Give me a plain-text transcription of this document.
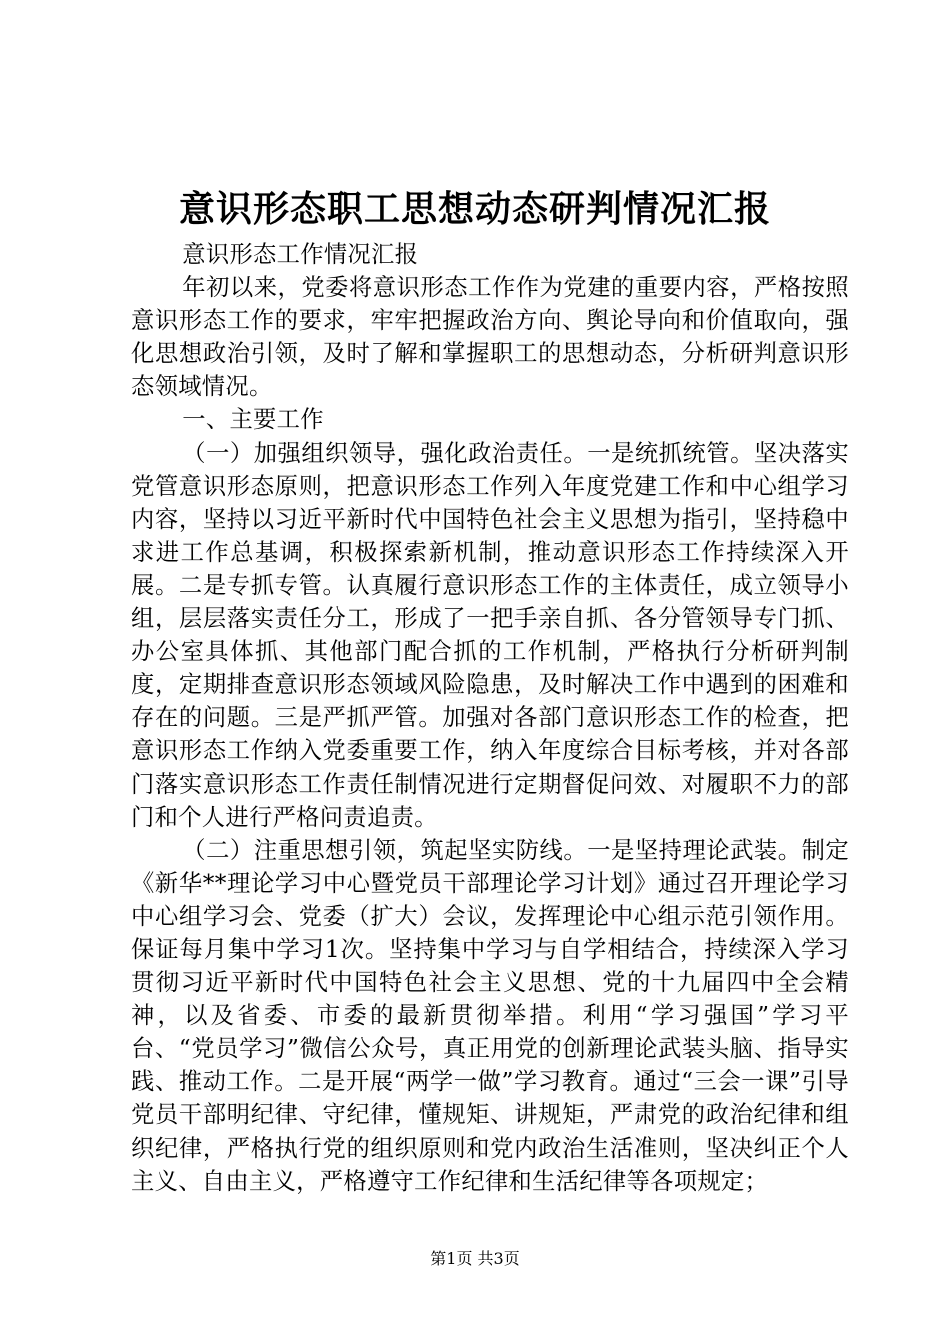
意识形态职工思想动态研判情况汇报

意识形态工作情况汇报

年初以来，党委将意识形态工作作为党建的重要内容，严格按照意识形态工作的要求，牢牢把握政治方向、舆论导向和价值取向，强化思想政治引领，及时了解和掌握职工的思想动态，分析研判意识形态领域情况。

一、主要工作

（一）加强组织领导，强化政治责任。一是统抓统管。坚决落实党管意识形态原则，把意识形态工作列入年度党建工作和中心组学习内容，坚持以习近平新时代中国特色社会主义思想为指引，坚持稳中求进工作总基调，积极探索新机制，推动意识形态工作持续深入开展。二是专抓专管。认真履行意识形态工作的主体责任，成立领导小组，层层落实责任分工，形成了一把手亲自抓、各分管领导专门抓、办公室具体抓、其他部门配合抓的工作机制，严格执行分析研判制度，定期排查意识形态领域风险隐患，及时解决工作中遇到的困难和存在的问题。三是严抓严管。加强对各部门意识形态工作的检查，把意识形态工作纳入党委重要工作，纳入年度综合目标考核，并对各部门落实意识形态工作责任制情况进行定期督促问效、对履职不力的部门和个人进行严格问责追责。

（二）注重思想引领，筑起坚实防线。一是坚持理论武装。制定《新华**理论学习中心暨党员干部理论学习计划》通过召开理论学习中心组学习会、党委（扩大）会议，发挥理论中心组示范引领作用。保证每月集中学习1次。坚持集中学习与自学相结合，持续深入学习贯彻习近平新时代中国特色社会主义思想、党的十九届四中全会精神，以及省委、市委的最新贯彻举措。利用“学习强国”学习平台、“党员学习”微信公众号，真正用党的创新理论武装头脑、指导实践、推动工作。二是开展“两学一做”学习教育。通过“三会一课”引导党员干部明纪律、守纪律，懂规矩、讲规矩，严肃党的政治纪律和组织纪律，严格执行党的组织原则和党内政治生活准则，坚决纠正个人主义、自由主义，严格遵守工作纪律和生活纪律等各项规定；

第1页 共3页
